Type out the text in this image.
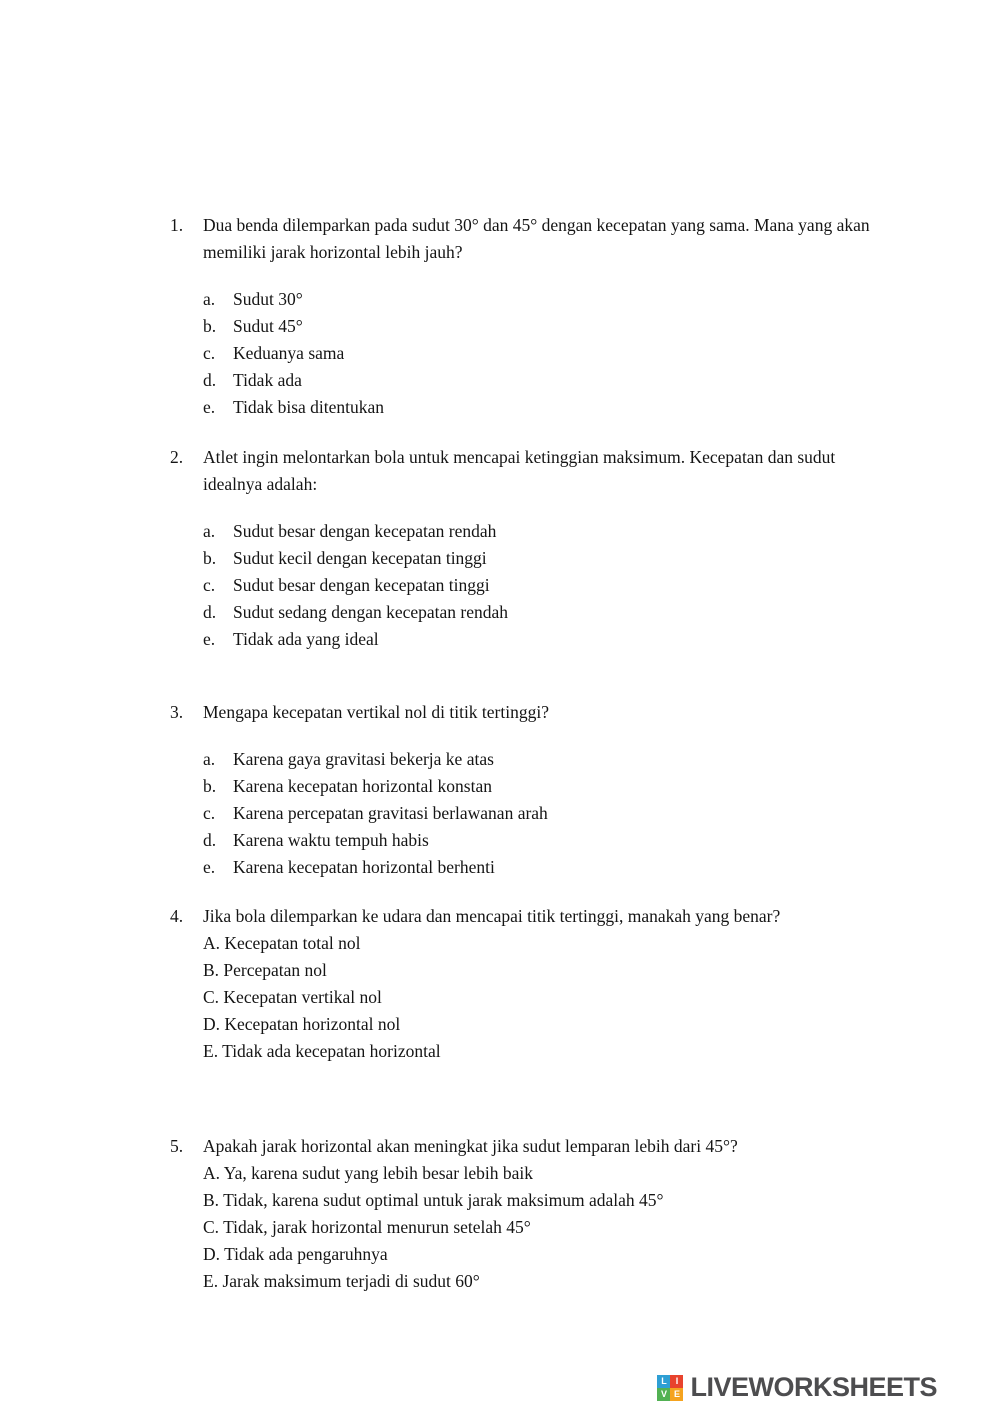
1.	Dua benda dilemparkan pada sudut 30° dan 45° dengan kecepatan yang sama. Mana yang akan memiliki jarak horizontal lebih jauh?

a.	Sudut 30°
b. Sudut 45°
c.	Keduanya sama
d. Tidak ada
e.	Tidak bisa ditentukan
2.	Atlet ingin melontarkan bola untuk mencapai ketinggian maksimum. Kecepatan dan sudut idealnya adalah:

a.	Sudut besar dengan kecepatan rendah
b. Sudut kecil dengan kecepatan tinggi
c.	Sudut besar dengan kecepatan tinggi
d. Sudut sedang dengan kecepatan rendah
e.	Tidak ada yang ideal
3.	Mengapa kecepatan vertikal nol di titik tertinggi?

a.	Karena gaya gravitasi bekerja ke atas
b. Karena kecepatan horizontal konstan
c.	Karena percepatan gravitasi berlawanan arah
d. Karena waktu tempuh habis
e.	Karena kecepatan horizontal berhenti
4.	Jika bola dilemparkan ke udara dan mencapai titik tertinggi, manakah yang benar?

A. Kecepatan total nol

B. Percepatan nol

C. Kecepatan vertikal nol

D. Kecepatan horizontal nol

E. Tidak ada kecepatan horizontal

5.	Apakah jarak horizontal akan meningkat jika sudut lemparan lebih dari 45°?

A. Ya, karena sudut yang lebih besar lebih baik

B. Tidak, karena sudut optimal untuk jarak maksimum adalah 45°

C. Tidak, jarak horizontal menurun setelah 45°

D. Tidak ada pengaruhnya

E. Jarak maksimum terjadi di sudut 60°

L I
V E LIVEWORKSHEETS
